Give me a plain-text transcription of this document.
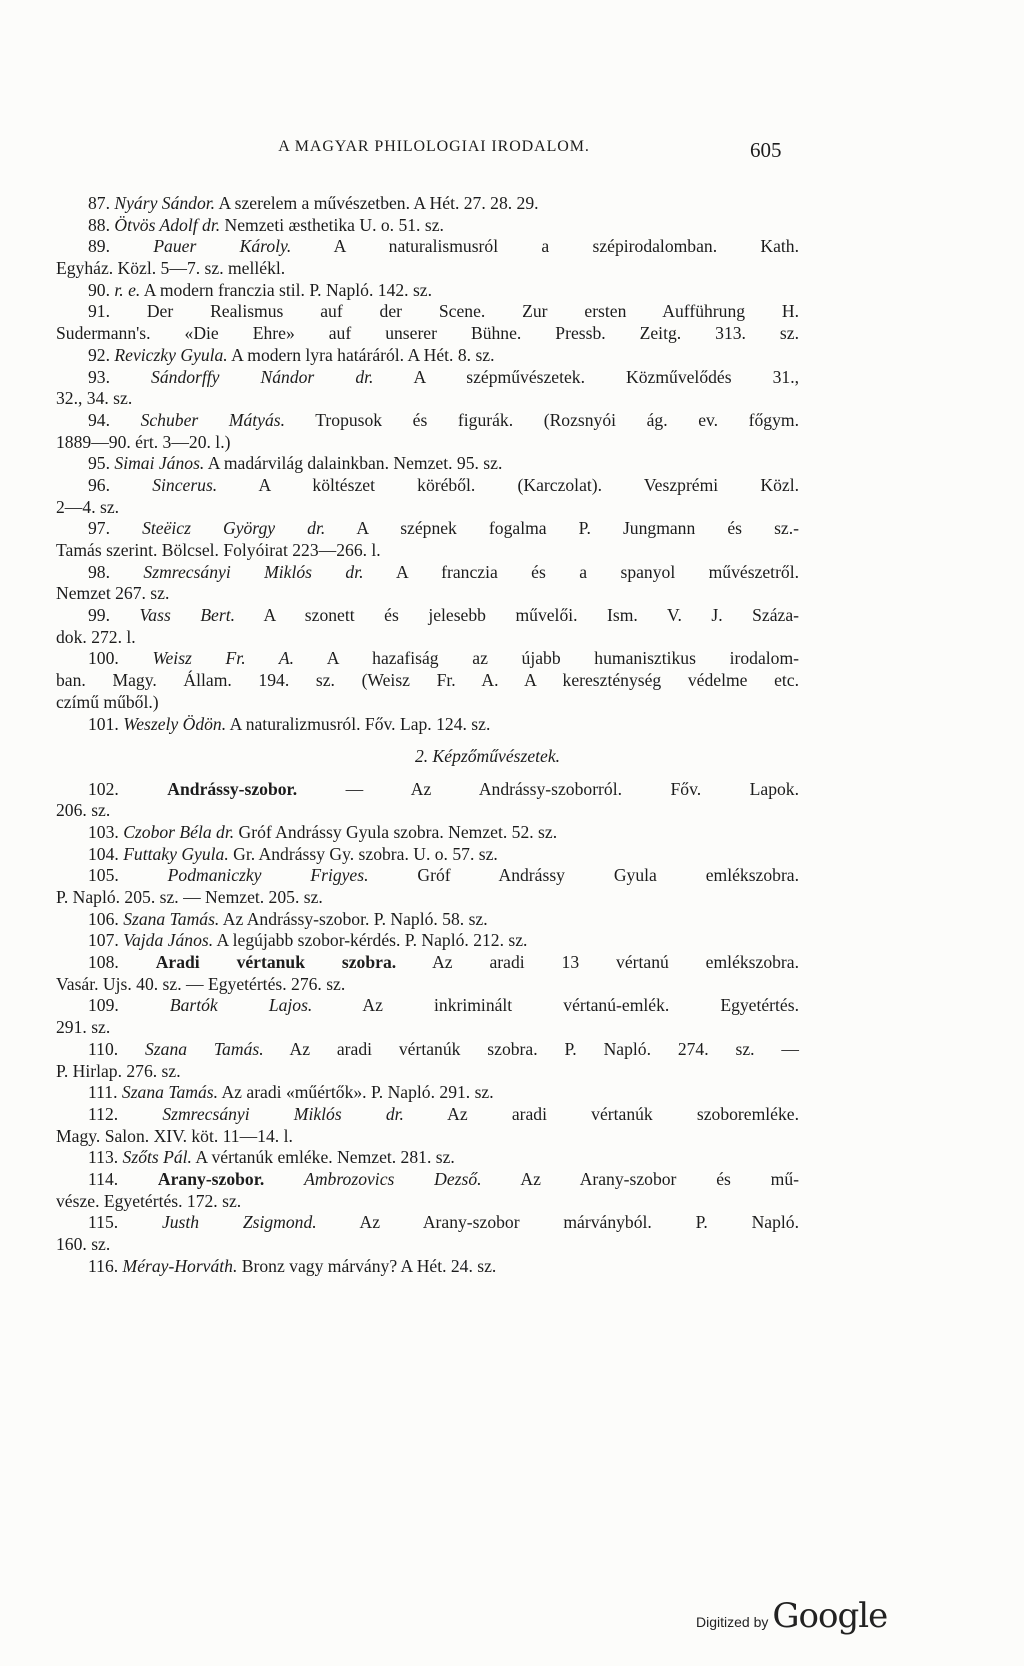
A MAGYAR PHILOLOGIAI IRODALOM.	605
87. Nyáry Sándor. A szerelem a művészetben. A Hét. 27. 28. 29.
88. Ötvös Adolf dr. Nemzeti æsthetika U. o. 51. sz.
89. Pauer Károly. A naturalismusról a szépirodalomban. Kath.
Egyház. Közl. 5—7. sz. mellékl.
90. r. e. A modern franczia stil. P. Napló. 142. sz.
91. Der Realismus auf der Scene. Zur ersten Aufführung H.
Sudermann's. «Die Ehre» auf unserer Bühne. Pressb. Zeitg. 313. sz.
92. Reviczky Gyula. A modern lyra határáról. A Hét. 8. sz.
93. Sándorffy Nándor dr. A szépművészetek. Közművelődés 31.,
32., 34. sz.
94. Schuber Mátyás. Tropusok és figurák. (Rozsnyói ág. ev. főgym.
1889—90. ért. 3—20. l.)
95. Simai János. A madárvilág dalainkban. Nemzet. 95. sz.
96. Sincerus. A költészet köréből. (Karczolat). Veszprémi Közl.
2—4. sz.
97. Steëicz György dr. A szépnek fogalma P. Jungmann és sz.-
Tamás szerint. Bölcsel. Folyóirat 223—266. l.
98. Szmrecsányi Miklós dr. A franczia és a spanyol művészetről.
Nemzet 267. sz.
99. Vass Bert. A szonett és jelesebb művelői. Ism. V. J. Száza-
dok. 272. l.
100. Weisz Fr. A. A hazafiság az újabb humanisztikus irodalom-
ban. Magy. Állam. 194. sz. (Weisz Fr. A. A kereszténység védelme etc.
czímű műből.)
101. Weszely Ödön. A naturalizmusról. Főv. Lap. 124. sz.
2. Képzőművészetek.
102. Andrássy-szobor. — Az Andrássy-szoborról. Főv. Lapok.
206. sz.
103. Czobor Béla dr. Gróf Andrássy Gyula szobra. Nemzet. 52. sz.
104. Futtaky Gyula. Gr. Andrássy Gy. szobra. U. o. 57. sz.
105. Podmaniczky Frigyes. Gróf Andrássy Gyula emlékszobra.
P. Napló. 205. sz. — Nemzet. 205. sz.
106. Szana Tamás. Az Andrássy-szobor. P. Napló. 58. sz.
107. Vajda János. A legújabb szobor-kérdés. P. Napló. 212. sz.
108. Aradi vértanuk szobra. Az aradi 13 vértanú emlékszobra.
Vasár. Ujs. 40. sz. — Egyetértés. 276. sz.
109. Bartók Lajos. Az inkriminált vértanú-emlék. Egyetértés.
291. sz.
110. Szana Tamás. Az aradi vértanúk szobra. P. Napló. 274. sz. —
P. Hirlap. 276. sz.
111. Szana Tamás. Az aradi «műértők». P. Napló. 291. sz.
112. Szmrecsányi Miklós dr. Az aradi vértanúk szoboremléke.
Magy. Salon. XIV. köt. 11—14. l.
113. Szőts Pál. A vértanúk emléke. Nemzet. 281. sz.
114. Arany-szobor. Ambrozovics Dezső. Az Arany-szobor és mű-
vésze. Egyetértés. 172. sz.
115. Justh Zsigmond. Az Arany-szobor márványból. P. Napló.
160. sz.
116. Méray-Horváth. Bronz vagy márvány? A Hét. 24. sz.
Digitized by Google
